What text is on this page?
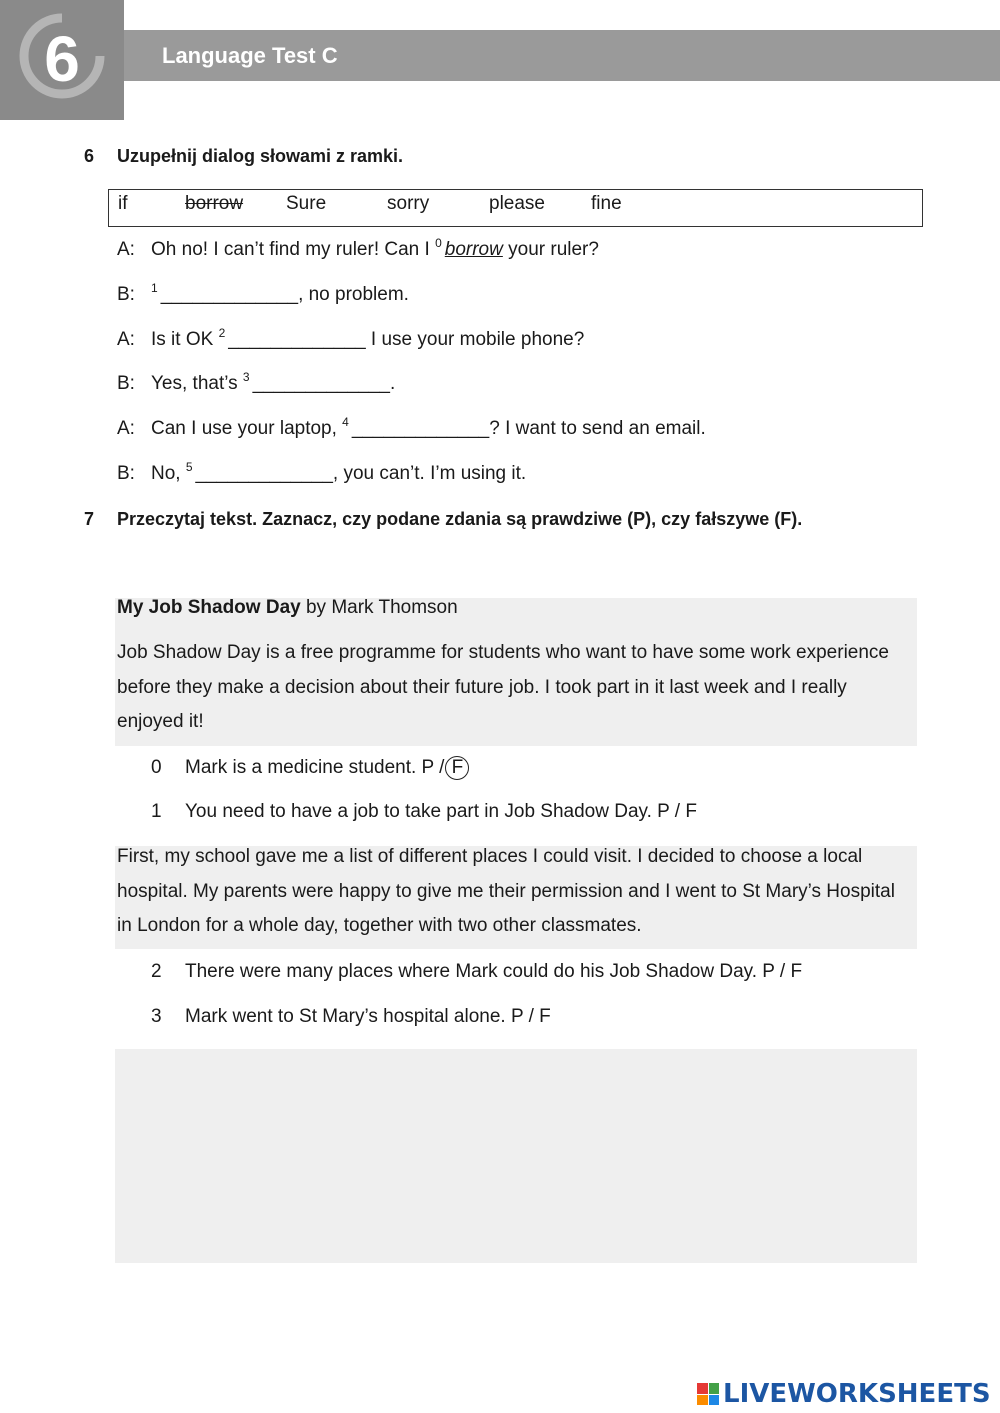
6	Language Test C
6 Uzupełnij dialog słowami z ramki.
if	borrow Sure	sorry	please fine
A: Oh no! I can’t find my ruler! Can I $^0$ borrow your ruler?
B: $^1$ _____________, no problem.
A: Is it OK $^2$ _____________ I use your mobile phone?
B: Yes, that’s $^3$ _____________.
A: Can I use your laptop, $^4$ _____________? I want to send an email.
B: No, $^5$ _____________, you can’t. I’m using it.
7 Przeczytaj tekst. Zaznacz, czy podane zdania są prawdziwe (P), czy fałszywe (F).
My Job Shadow Day by Mark Thomson
Job Shadow Day is a free programme for students who want to have some work experience before they make a decision about their future job. I took part in it last week and I really enjoyed it!
0 Mark is a medicine student. P / F
1 You need to have a job to take part in Job Shadow Day. P / F
First, my school gave me a list of different places I could visit. I decided to choose a local hospital. My parents were happy to give me their permission and I went to St Mary’s Hospital in London for a whole day, together with two other classmates.
2 There were many places where Mark could do his Job Shadow Day. P / F
3 Mark went to St Mary’s hospital alone. P / F
LIVEWORKSHEETS
